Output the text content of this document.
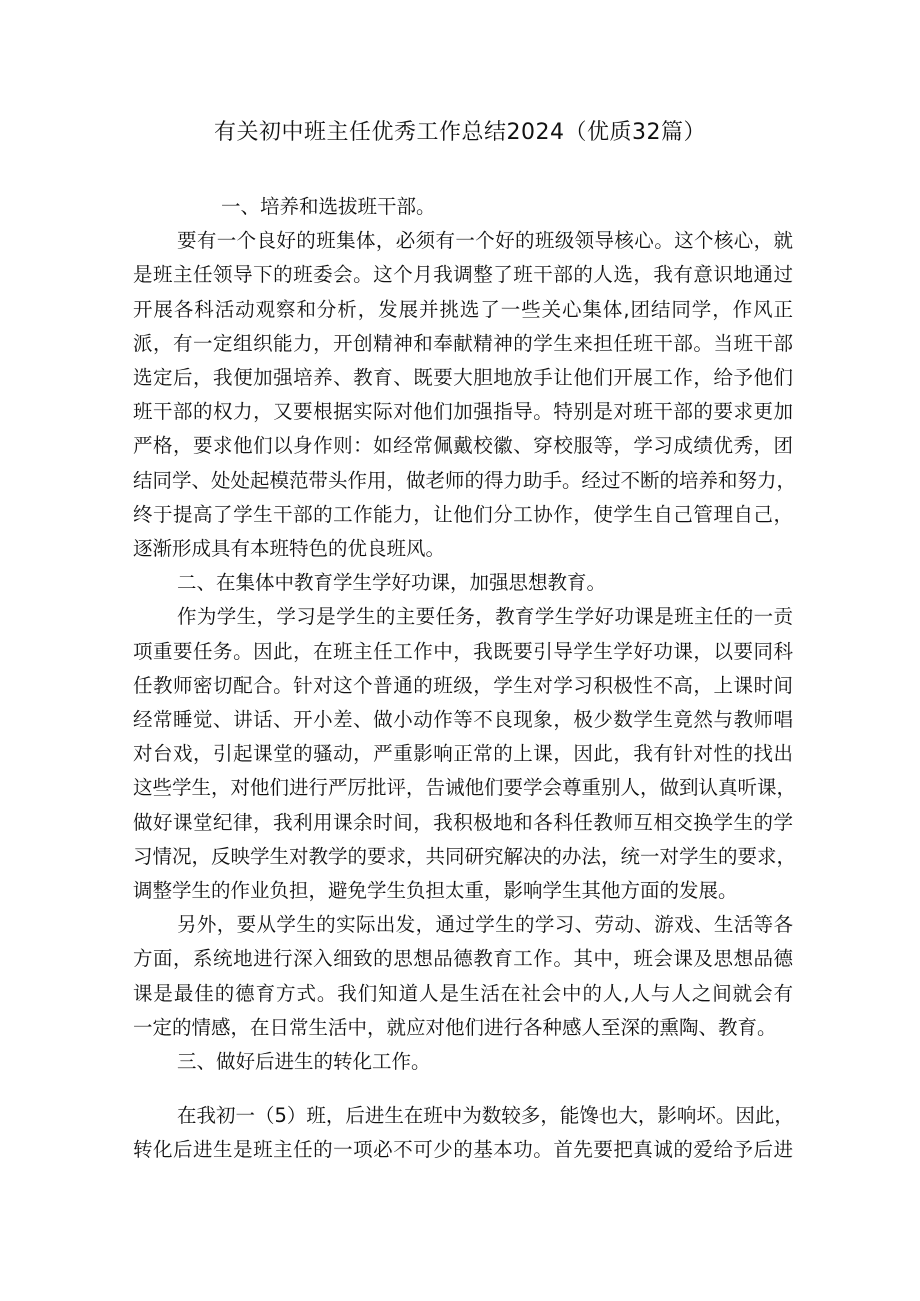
有关初中班主任优秀工作总结2024（优质32篇）

一、培养和选拔班干部。

要有一个良好的班集体，必须有一个好的班级领导核心。这个核心，就
是班主任领导下的班委会。这个月我调整了班干部的人选，我有意识地通过
开展各科活动观察和分析，发展并挑选了一些关心集体,团结同学，作风正
派，有一定组织能力，开创精神和奉献精神的学生来担任班干部。当班干部
选定后，我便加强培养、教育、既要大胆地放手让他们开展工作，给予他们
班干部的权力，又要根据实际对他们加强指导。特别是对班干部的要求更加
严格，要求他们以身作则：如经常佩戴校徽、穿校服等，学习成绩优秀，团
结同学、处处起模范带头作用，做老师的得力助手。经过不断的培养和努力，
终于提高了学生干部的工作能力，让他们分工协作，使学生自己管理自己，
逐渐形成具有本班特色的优良班风。

二、在集体中教育学生学好功课，加强思想教育。

作为学生，学习是学生的主要任务，教育学生学好功课是班主任的一贡
项重要任务。因此，在班主任工作中，我既要引导学生学好功课，以要同科
任教师密切配合。针对这个普通的班级，学生对学习积极性不高，上课时间
经常睡觉、讲话、开小差、做小动作等不良现象，极少数学生竟然与教师唱
对台戏，引起课堂的骚动，严重影响正常的上课，因此，我有针对性的找出
这些学生，对他们进行严厉批评，告诫他们要学会尊重别人，做到认真听课，
做好课堂纪律，我利用课余时间，我积极地和各科任教师互相交换学生的学
习情况，反映学生对教学的要求，共同研究解决的办法，统一对学生的要求，
调整学生的作业负担，避免学生负担太重，影响学生其他方面的发展。

另外，要从学生的实际出发，通过学生的学习、劳动、游戏、生活等各
方面，系统地进行深入细致的思想品德教育工作。其中，班会课及思想品德
课是最佳的德育方式。我们知道人是生活在社会中的人,人与人之间就会有
一定的情感，在日常生活中，就应对他们进行各种感人至深的熏陶、教育。

三、做好后进生的转化工作。

在我初一（5）班，后进生在班中为数较多，能馋也大，影响坏。因此，
转化后进生是班主任的一项必不可少的基本功。首先要把真诚的爱给予后进
